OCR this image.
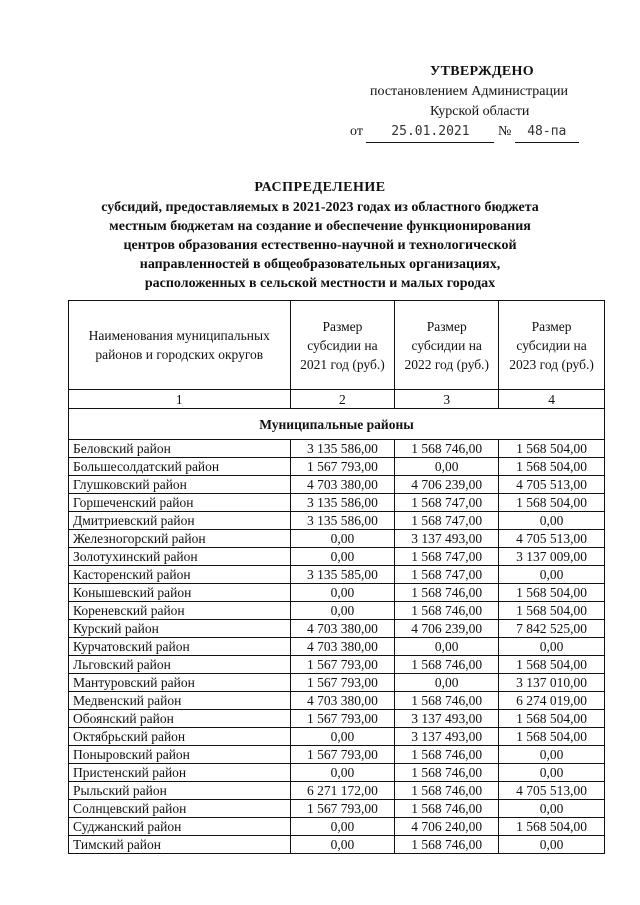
УТВЕРЖДЕНО
постановлением Администрации
Курской области
от 25.01.2021 № 48-па
РАСПРЕДЕЛЕНИЕ
субсидий, предоставляемых в 2021-2023 годах из областного бюджета
местным бюджетам на создание и обеспечение функционирования
центров образования естественно-научной и технологической
направленностей в общеобразовательных организациях,
расположенных в сельской местности и малых городах
Наименования муниципальных районов и городских округов	Размер субсидии на 2021 год (руб.)	Размер субсидии на 2022 год (руб.)	Размер субсидии на 2023 год (руб.)
1	2	3	4
Муниципальные районы			
Беловский район	3 135 586,00	1 568 746,00	1 568 504,00
Большесолдатский район	1 567 793,00	0,00	1 568 504,00
Глушковский район	4 703 380,00	4 706 239,00	4 705 513,00
Горшеченский район	3 135 586,00	1 568 747,00	1 568 504,00
Дмитриевский район	3 135 586,00	1 568 747,00	0,00
Железногорский район	0,00	3 137 493,00	4 705 513,00
Золотухинский район	0,00	1 568 747,00	3 137 009,00
Касторенский район	3 135 585,00	1 568 747,00	0,00
Конышевский район	0,00	1 568 746,00	1 568 504,00
Кореневский район	0,00	1 568 746,00	1 568 504,00
Курский район	4 703 380,00	4 706 239,00	7 842 525,00
Курчатовский район	4 703 380,00	0,00	0,00
Льговский район	1 567 793,00	1 568 746,00	1 568 504,00
Мантуровский район	1 567 793,00	0,00	3 137 010,00
Медвенский район	4 703 380,00	1 568 746,00	6 274 019,00
Обоянский район	1 567 793,00	3 137 493,00	1 568 504,00
Октябрьский район	0,00	3 137 493,00	1 568 504,00
Поныровский район	1 567 793,00	1 568 746,00	0,00
Пристенский район	0,00	1 568 746,00	0,00
Рыльский район	6 271 172,00	1 568 746,00	4 705 513,00
Солнцевский район	1 567 793,00	1 568 746,00	0,00
Суджанский район	0,00	4 706 240,00	1 568 504,00
Тимский район	0,00	1 568 746,00	0,00
